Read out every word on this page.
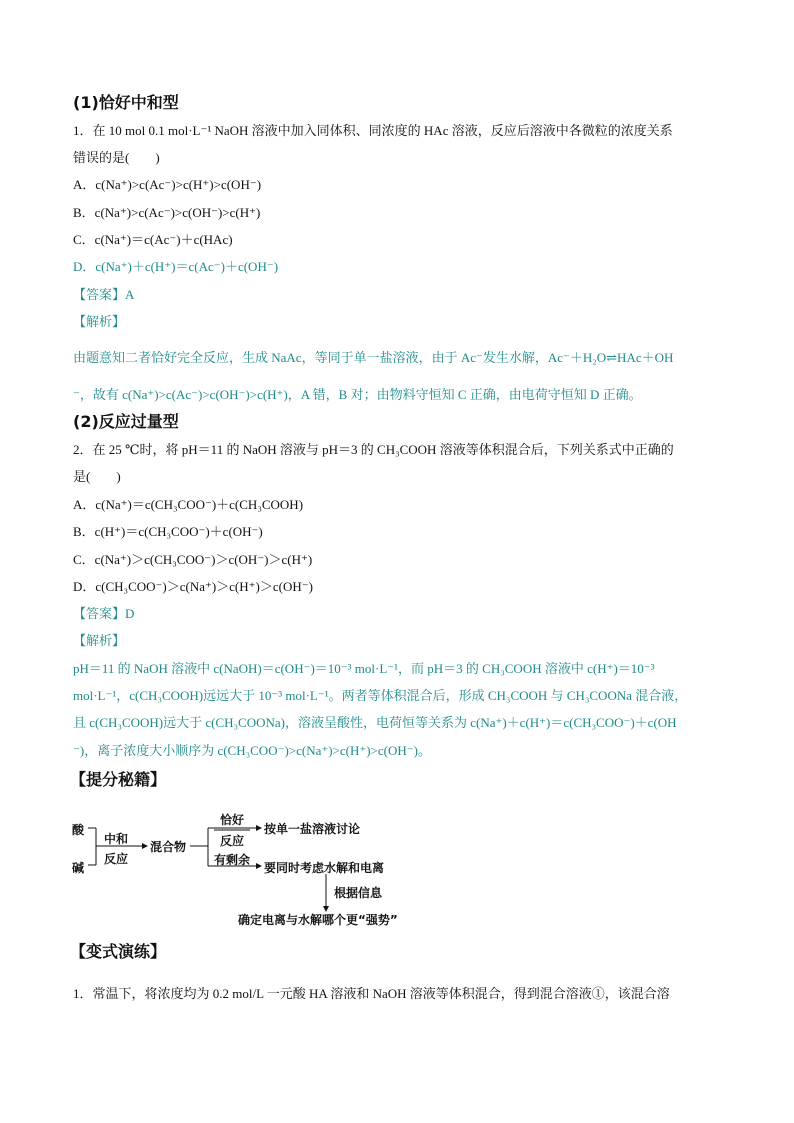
(1)恰好中和型
1．在 10 mol 0.1 mol·L⁻¹ NaOH 溶液中加入同体积、同浓度的 HAc 溶液，反应后溶液中各微粒的浓度关系
错误的是(　　)
A．c(Na⁺)>c(Ac⁻)>c(H⁺)>c(OH⁻)
B．c(Na⁺)>c(Ac⁻)>c(OH⁻)>c(H⁺)
C．c(Na⁺)＝c(Ac⁻)＋c(HAc)
D．c(Na⁺)＋c(H⁺)＝c(Ac⁻)＋c(OH⁻)
【答案】A
【解析】
由题意知二者恰好完全反应，生成 NaAc，等同于单一盐溶液，由于 Ac⁻发生水解，Ac⁻＋H₂O⇌HAc＋OH
⁻，故有 c(Na⁺)>c(Ac⁻)>c(OH⁻)>c(H⁺)，A 错，B 对；由物料守恒知 C 正确，由电荷守恒知 D 正确。
(2)反应过量型
2．在 25 ℃时，将 pH＝11 的 NaOH 溶液与 pH＝3 的 CH₃COOH 溶液等体积混合后，下列关系式中正确的
是(　　)
A．c(Na⁺)＝c(CH₃COO⁻)＋c(CH₃COOH)
B．c(H⁺)＝c(CH₃COO⁻)＋c(OH⁻)
C．c(Na⁺)＞c(CH₃COO⁻)＞c(OH⁻)＞c(H⁺)
D．c(CH₃COO⁻)＞c(Na⁺)＞c(H⁺)＞c(OH⁻)
【答案】D
【解析】
pH＝11 的 NaOH 溶液中 c(NaOH)＝c(OH⁻)＝10⁻³ mol·L⁻¹，而 pH＝3 的 CH₃COOH 溶液中 c(H⁺)＝10⁻³
mol·L⁻¹，c(CH₃COOH)远远大于 10⁻³ mol·L⁻¹。两者等体积混合后，形成 CH₃COOH 与 CH₃COONa 混合液，
且 c(CH₃COOH)远大于 c(CH₃COONa)，溶液呈酸性，电荷恒等关系为 c(Na⁺)＋c(H⁺)＝c(CH₃COO⁻)＋c(OH
⁻)，离子浓度大小顺序为 c(CH₃COO⁻)>c(Na⁺)>c(H⁺)>c(OH⁻)。
【提分秘籍】
酸
碱
中和
反应
混合物
恰好
反应
有剩余
按单一盐溶液讨论
要同时考虑水解和电离
根据信息
确定电离与水解哪个更“强势”
【变式演练】
1．常温下，将浓度均为 0.2 mol/L 一元酸 HA 溶液和 NaOH 溶液等体积混合，得到混合溶液①，该混合溶
